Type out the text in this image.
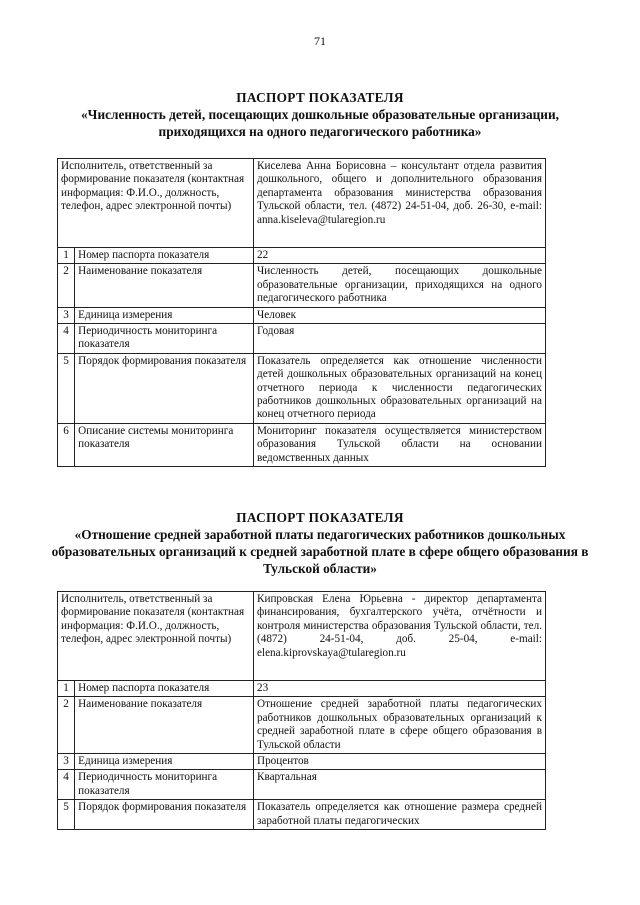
71
ПАСПОРТ ПОКАЗАТЕЛЯ
«Численность детей, посещающих дошкольные образовательные организации, приходящихся на одного педагогического работника»
Исполнитель, ответственный за формирование показателя (контактная информация: Ф.И.О., должность, телефон, адрес электронной почты)		Киселева Анна Борисовна – консультант отдела развития дошкольного, общего и дополнительного образования департамента образования министерства образования Тульской области, тел. (4872) 24-51-04, доб. 26-30, e-mail: anna.kiseleva@tularegion.ru
1	Номер паспорта показателя	22
2	Наименование показателя	Численность детей, посещающих дошкольные образовательные организации, приходящихся на одного педагогического работника
3	Единица измерения	Человек
4	Периодичность мониторинга показателя	Годовая
5	Порядок формирования показателя	Показатель определяется как отношение численности детей дошкольных образовательных организаций на конец отчетного периода к численности педагогических работников дошкольных образовательных организаций на конец отчетного периода
6	Описание системы мониторинга показателя	Мониторинг показателя осуществляется министерством образования Тульской области на основании ведомственных данных
ПАСПОРТ ПОКАЗАТЕЛЯ
«Отношение средней заработной платы педагогических работников дошкольных образовательных организаций к средней заработной плате в сфере общего образования в Тульской области»
Исполнитель, ответственный за формирование показателя (контактная информация: Ф.И.О., должность, телефон, адрес электронной почты)		Кипровская Елена Юрьевна - директор департамента финансирования, бухгалтерского учёта, отчётности и контроля министерства образования Тульской области, тел. (4872) 24-51-04, доб. 25-04, e-mail: elena.kiprovskaya@tularegion.ru
1	Номер паспорта показателя	23
2	Наименование показателя	Отношение средней заработной платы педагогических работников дошкольных образовательных организаций к средней заработной плате в сфере общего образования в Тульской области
3	Единица измерения	Процентов
4	Периодичность мониторинга показателя	Квартальная
5	Порядок формирования показателя	Показатель определяется как отношение размера средней заработной платы педагогических
